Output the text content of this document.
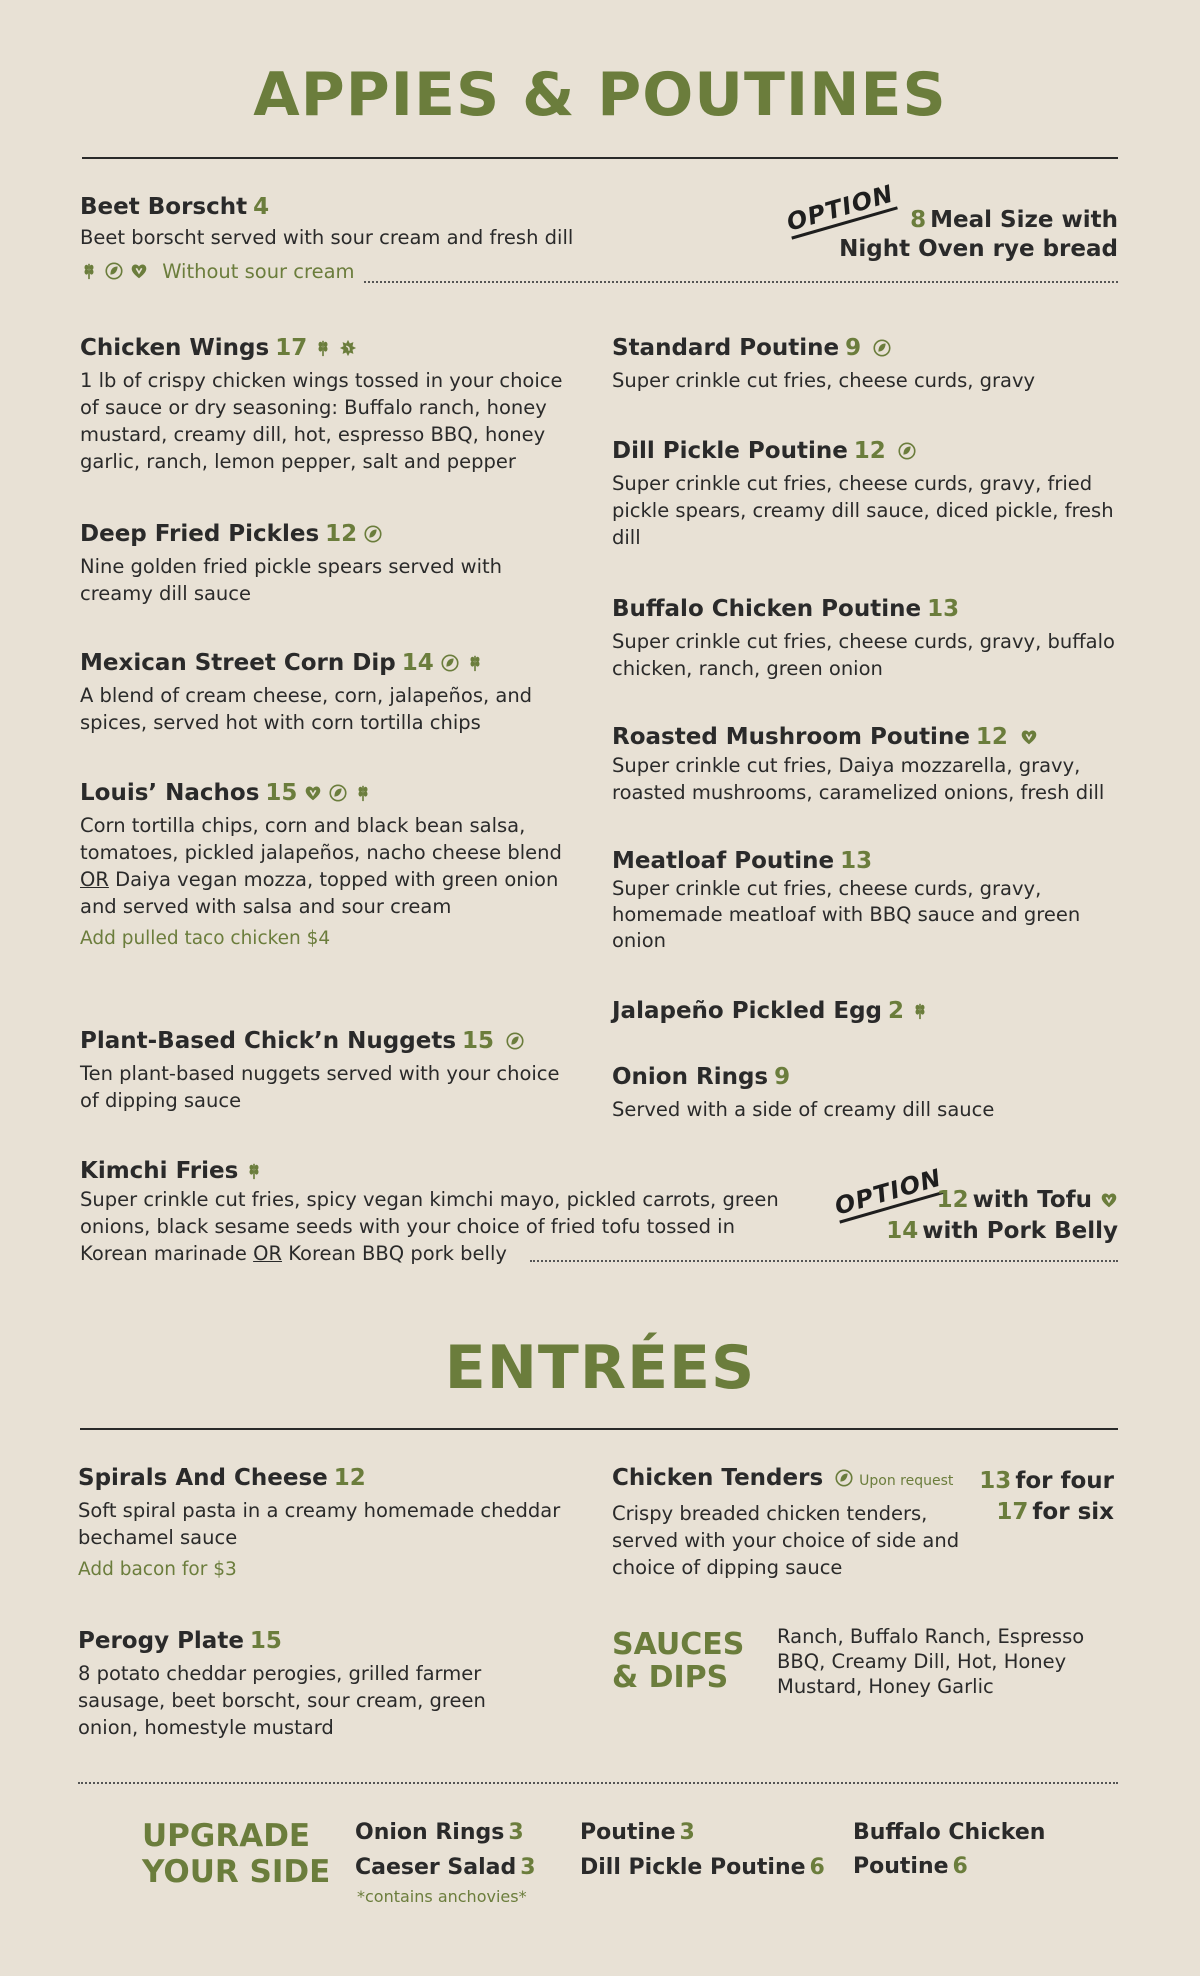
APPIES & POUTINES
Beet Borscht 4
Beet borscht served with sour cream and fresh dill
Without sour cream
OPTION 8 Meal Size with
Night Oven rye bread
Chicken Wings 17
1 lb of crispy chicken wings tossed in your choice of sauce or dry seasoning: Buffalo ranch, honey mustard, creamy dill, hot, espresso BBQ, honey garlic, ranch, lemon pepper, salt and pepper
Deep Fried Pickles 12
Nine golden fried pickle spears served with creamy dill sauce
Mexican Street Corn Dip 14
A blend of cream cheese, corn, jalapeños, and spices, served hot with corn tortilla chips
Louis’ Nachos 15
Corn tortilla chips, corn and black bean salsa, tomatoes, pickled jalapeños, nacho cheese blend OR Daiya vegan mozza, topped with green onion and served with salsa and sour cream
Add pulled taco chicken $4
Plant-Based Chick’n Nuggets 15
Ten plant-based nuggets served with your choice of dipping sauce
Standard Poutine 9
Super crinkle cut fries, cheese curds, gravy
Dill Pickle Poutine 12
Super crinkle cut fries, cheese curds, gravy, fried pickle spears, creamy dill sauce, diced pickle, fresh dill
Buffalo Chicken Poutine 13
Super crinkle cut fries, cheese curds, gravy, buffalo chicken, ranch, green onion
Roasted Mushroom Poutine 12
Super crinkle cut fries, Daiya mozzarella, gravy, roasted mushrooms, caramelized onions, fresh dill
Meatloaf Poutine 13
Super crinkle cut fries, cheese curds, gravy, homemade meatloaf with BBQ sauce and green onion
Jalapeño Pickled Egg 2
Onion Rings 9
Served with a side of creamy dill sauce
Kimchi Fries
Super crinkle cut fries, spicy vegan kimchi mayo, pickled carrots, green onions, black sesame seeds with your choice of fried tofu tossed in Korean marinade OR Korean BBQ pork belly
OPTION
12 with Tofu
14 with Pork Belly
ENTRÉES
Spirals And Cheese 12
Soft spiral pasta in a creamy homemade cheddar bechamel sauce
Add bacon for $3
Perogy Plate 15
8 potato cheddar perogies, grilled farmer sausage, beet borscht, sour cream, green onion, homestyle mustard
Chicken Tenders	Upon request
Crispy breaded chicken tenders, served with your choice of side and choice of dipping sauce
13 for four
17 for six
SAUCES
& DIPS
Ranch, Buffalo Ranch, Espresso BBQ, Creamy Dill, Hot, Honey Mustard, Honey Garlic
UPGRADE
YOUR SIDE
Onion Rings 3
Caeser Salad 3
*contains anchovies*
Poutine 3
Dill Pickle Poutine 6
Buffalo Chicken
Poutine 6
